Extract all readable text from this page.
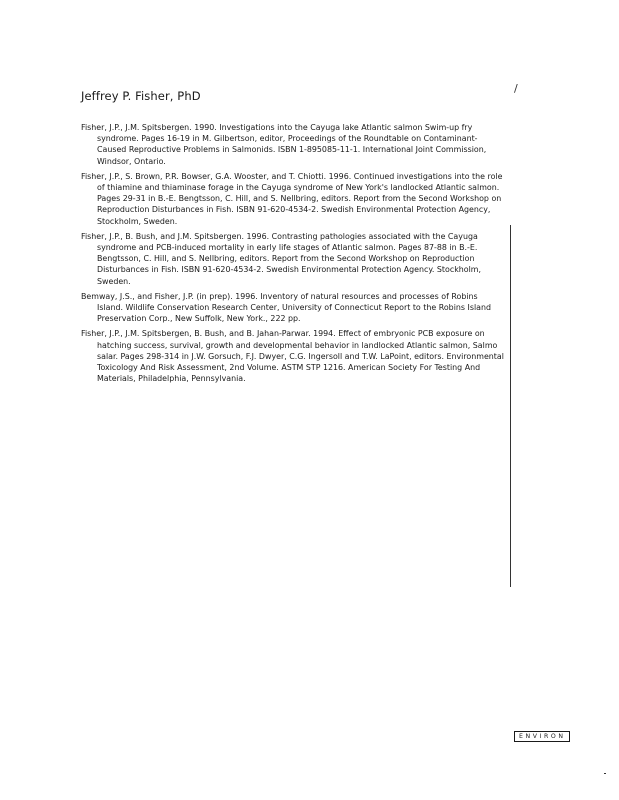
Jeffrey P. Fisher, PhD
/
Fisher, J.P., J.M. Spitsbergen. 1990. Investigations into the Cayuga lake Atlantic salmon Swim-up fry syndrome. Pages 16-19 in M. Gilbertson, editor, Proceedings of the Roundtable on Contaminant-Caused Reproductive Problems in Salmonids. ISBN 1-895085-11-1. International Joint Commission, Windsor, Ontario.
Fisher, J.P., S. Brown, P.R. Bowser, G.A. Wooster, and T. Chiotti. 1996. Continued investigations into the role of thiamine and thiaminase forage in the Cayuga syndrome of New York's landlocked Atlantic salmon. Pages 29-31 in B.-E. Bengtsson, C. Hill, and S. Nellbring, editors. Report from the Second Workshop on Reproduction Disturbances in Fish. ISBN 91-620-4534-2. Swedish Environmental Protection Agency, Stockholm, Sweden.
Fisher, J.P., B. Bush, and J.M. Spitsbergen. 1996. Contrasting pathologies associated with the Cayuga syndrome and PCB-induced mortality in early life stages of Atlantic salmon. Pages 87-88 in B.-E. Bengtsson, C. Hill, and S. Nellbring, editors. Report from the Second Workshop on Reproduction Disturbances in Fish. ISBN 91-620-4534-2. Swedish Environmental Protection Agency. Stockholm, Sweden.
Bemway, J.S., and Fisher, J.P. (in prep). 1996. Inventory of natural resources and processes of Robins Island. Wildlife Conservation Research Center, University of Connecticut Report to the Robins Island Preservation Corp., New Suffolk, New York., 222 pp.
Fisher, J.P., J.M. Spitsbergen, B. Bush, and B. Jahan-Parwar. 1994. Effect of embryonic PCB exposure on hatching success, survival, growth and developmental behavior in landlocked Atlantic salmon, Salmo salar. Pages 298-314 in J.W. Gorsuch, F.J. Dwyer, C.G. Ingersoll and T.W. LaPoint, editors. Environmental Toxicology And Risk Assessment, 2nd Volume. ASTM STP 1216. American Society For Testing And Materials, Philadelphia, Pennsylvania.
ENVIRON
